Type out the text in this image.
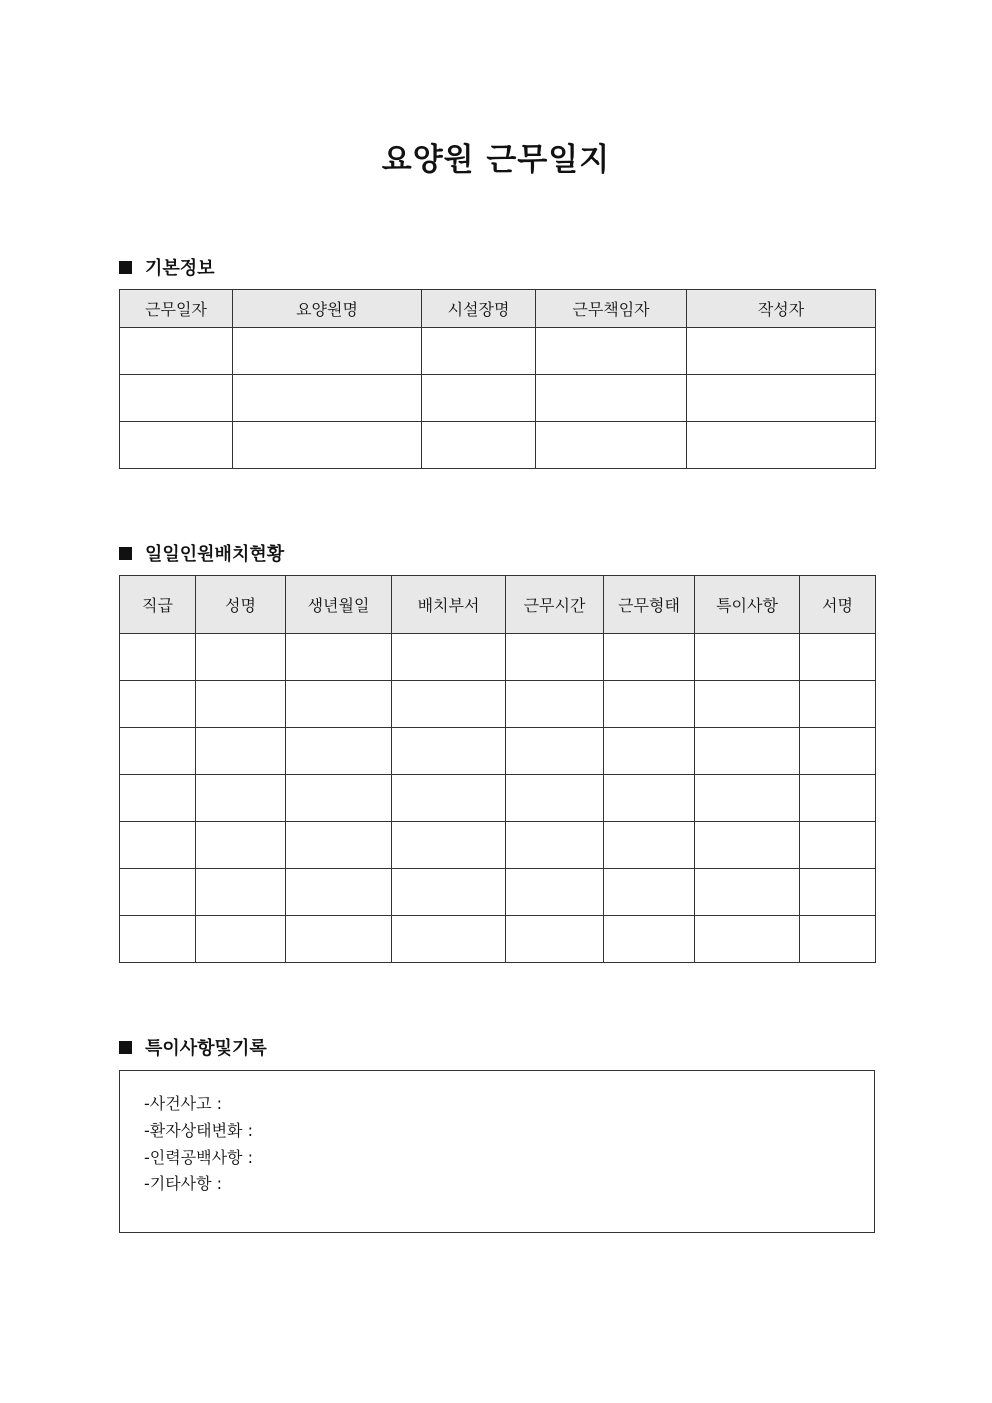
요양원 근무일지
기본정보
근무일자	요양원명	시설장명	근무책임자	작성자

일일인원배치현황
직급	성명	생년월일	배치부서	근무시간	근무형태	특이사항	서명

특이사항및기록
-사건사고 :
-환자상태변화 :
-인력공백사항 :
-기타사항 :
